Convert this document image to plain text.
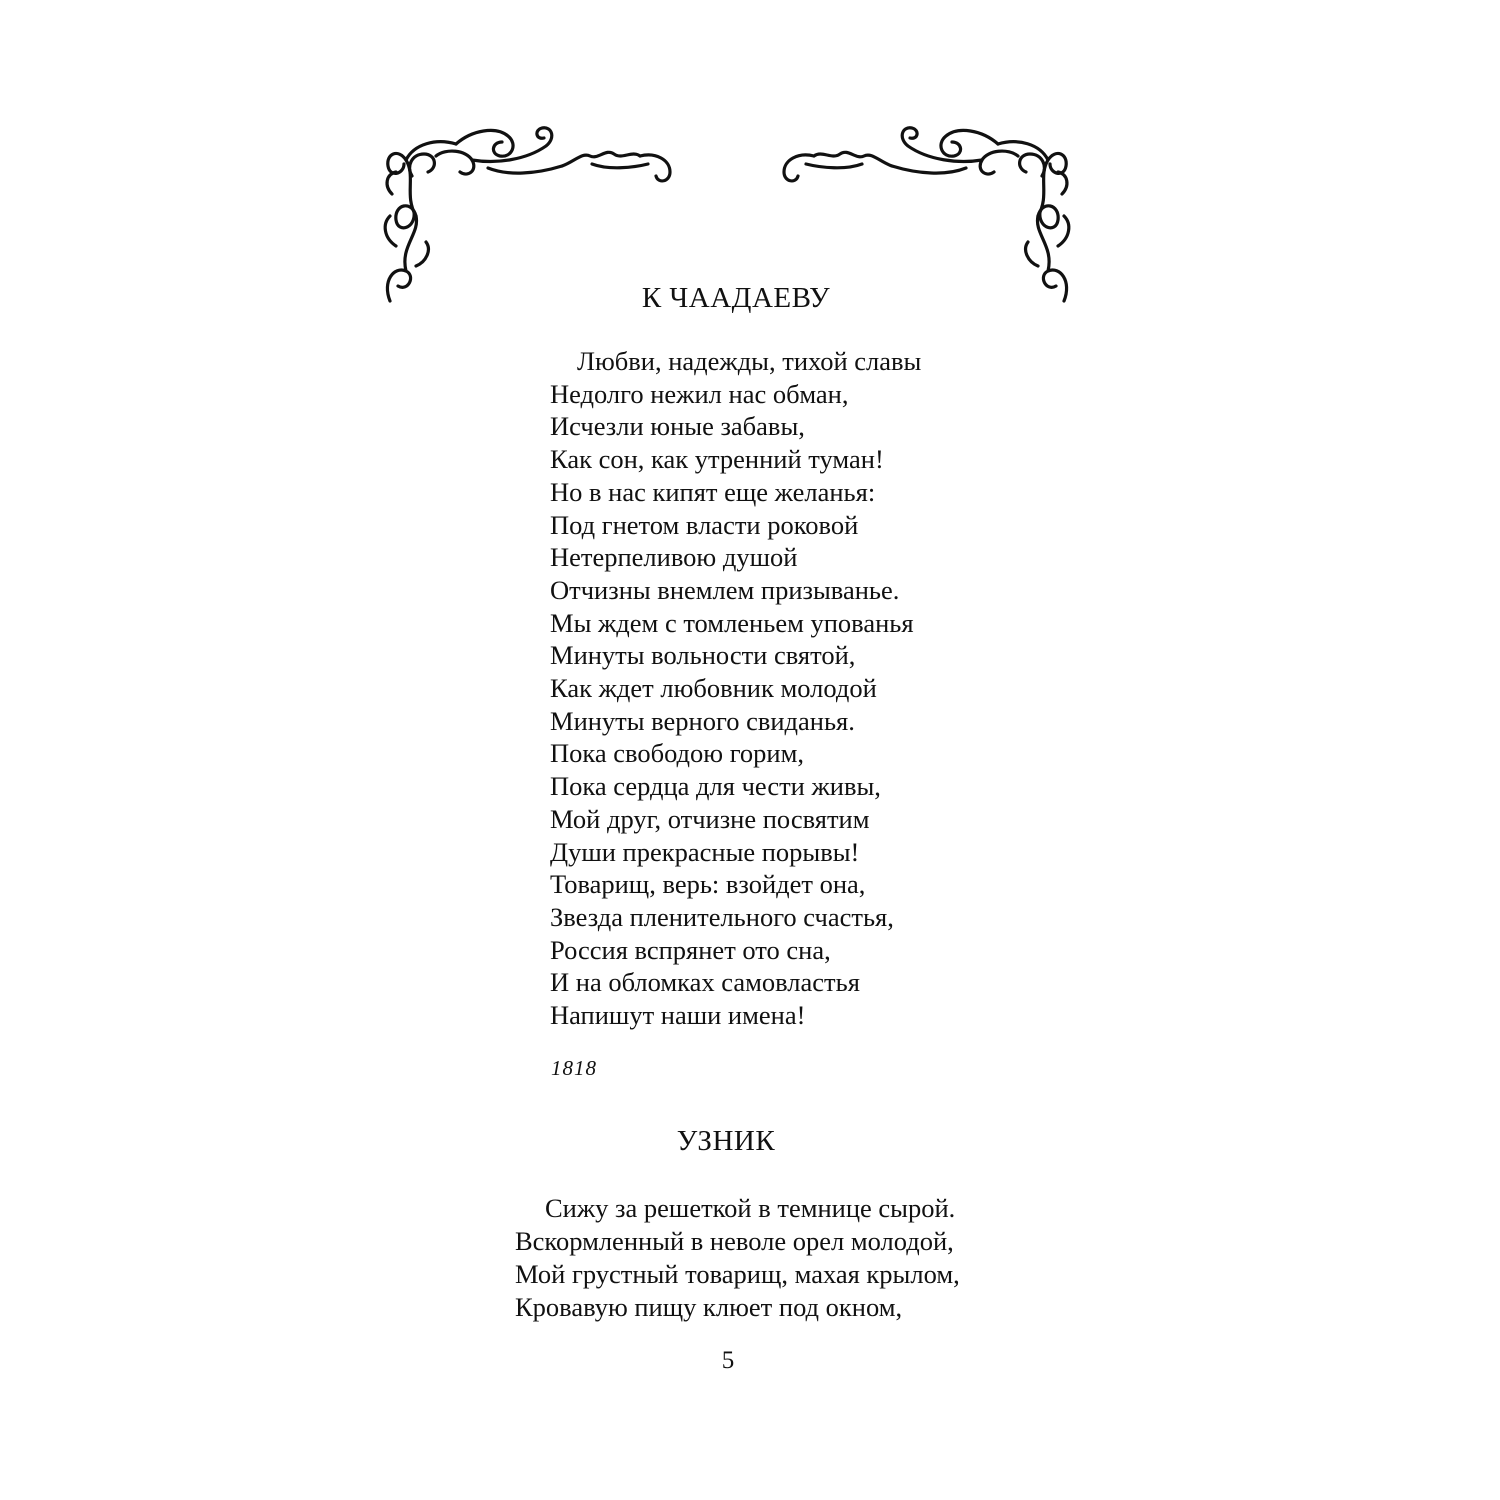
К ЧААДАЕВУ
Любви, надежды, тихой славы
Недолго нежил нас обман,
Исчезли юные забавы,
Как сон, как утренний туман!
Но в нас кипят еще желанья:
Под гнетом власти роковой
Нетерпеливою душой
Отчизны внемлем призыванье.
Мы ждем с томленьем упованья
Минуты вольности святой,
Как ждет любовник молодой
Минуты верного свиданья.
Пока свободою горим,
Пока сердца для чести живы,
Мой друг, отчизне посвятим
Души прекрасные порывы!
Товарищ, верь: взойдет она,
Звезда пленительного счастья,
Россия вспрянет ото сна,
И на обломках самовластья
Напишут наши имена!
1818
УЗНИК
Сижу за решеткой в темнице сырой.
Вскормленный в неволе орел молодой,
Мой грустный товарищ, махая крылом,
Кровавую пищу клюет под окном,
5
